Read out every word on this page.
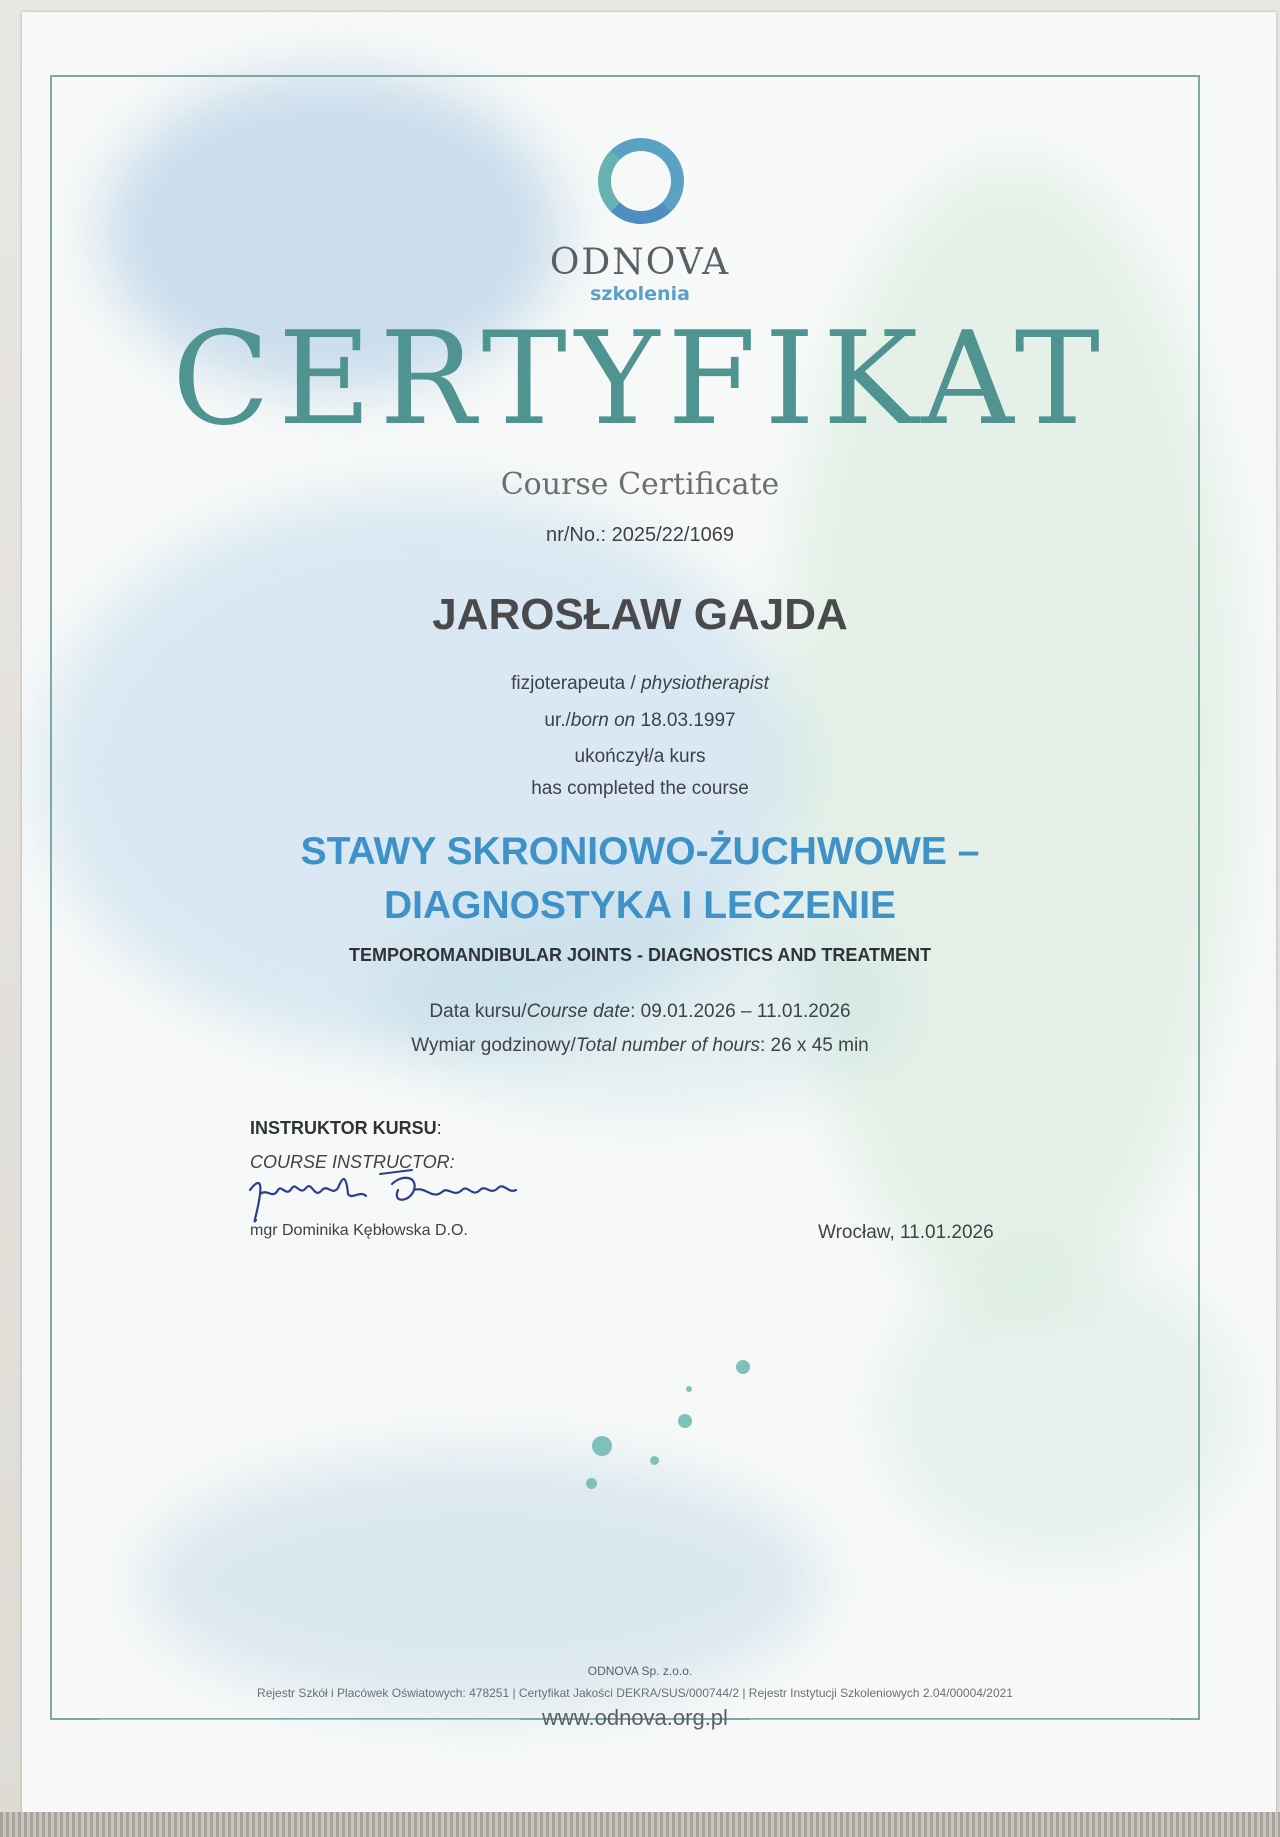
ODNOVA
szkolenia
CERTYFIKAT
Course Certificate
nr/No.: 2025/22/1069
JAROSŁAW GAJDA
fizjoterapeuta / physiotherapist
ur./born on 18.03.1997
ukończył/a kurs
has completed the course
STAWY SKRONIOWO-ŻUCHWOWE –
DIAGNOSTYKA I LECZENIE
TEMPOROMANDIBULAR JOINTS - DIAGNOSTICS AND TREATMENT
Data kursu/Course date: 09.01.2026 – 11.01.2026
Wymiar godzinowy/Total number of hours: 26 x 45 min
INSTRUKTOR KURSU:
COURSE INSTRUCTOR:
mgr Dominika Kębłowska D.O.	Wrocław, 11.01.2026
ODNOVA Sp. z.o.o.
Rejestr Szkół i Placówek Oświatowych: 478251 | Certyfikat Jakości DEKRA/SUS/000744/2 | Rejestr Instytucji Szkoleniowych 2.04/00004/2021
www.odnova.org.pl
